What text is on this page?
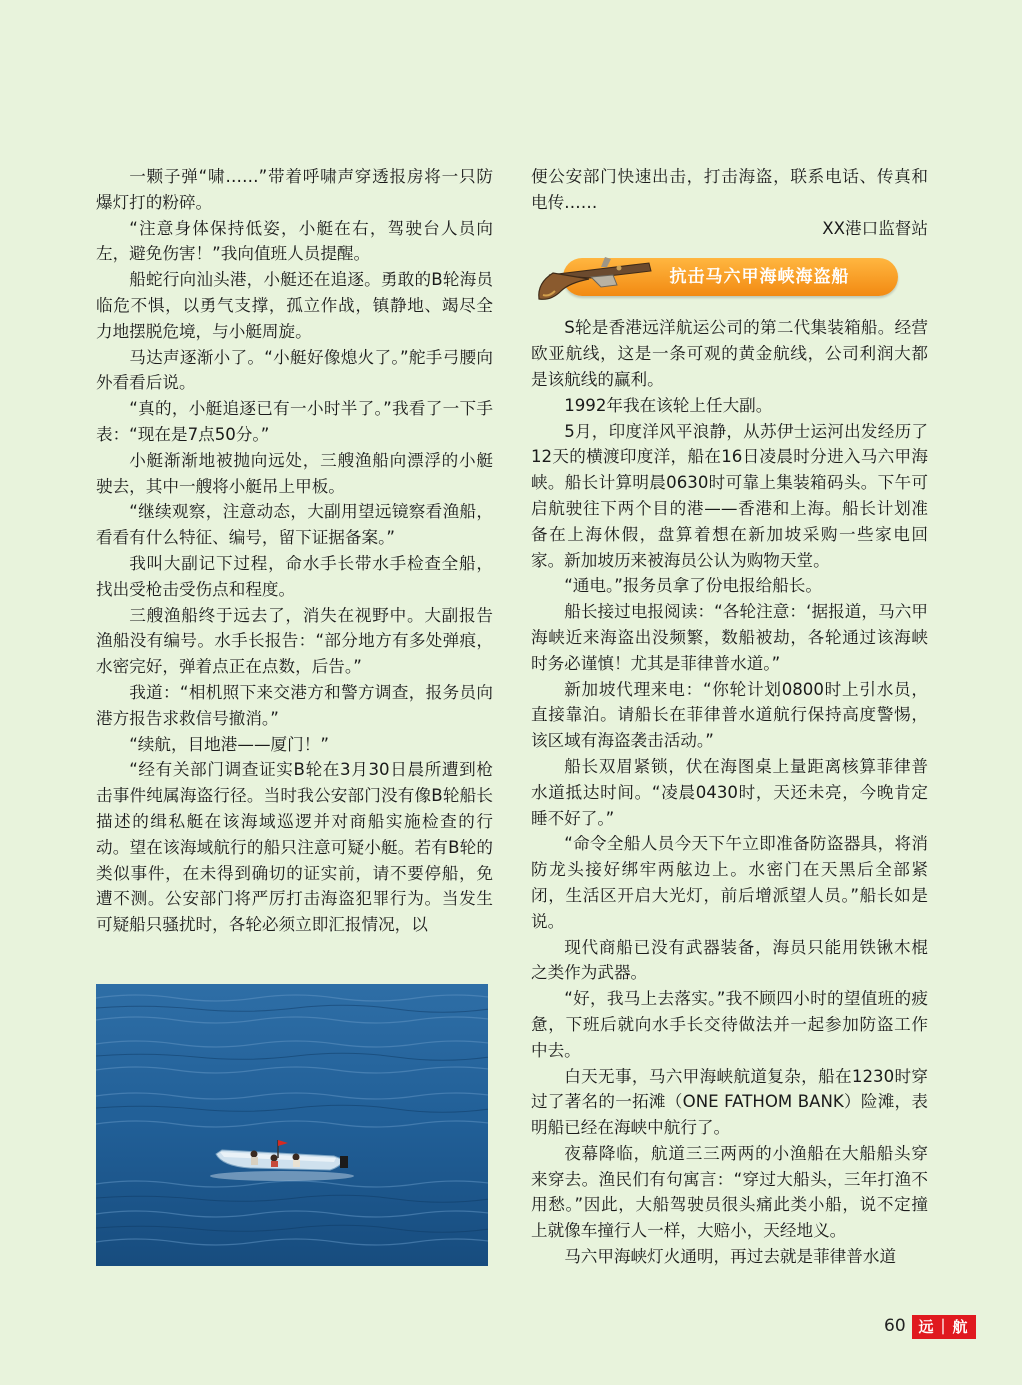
一颗子弹“啸……”带着呼啸声穿透报房将一只防爆灯打的粉碎。

“注意身体保持低姿，小艇在右，驾驶台人员向左，避免伤害！”我向值班人员提醒。

船蛇行向汕头港，小艇还在追逐。勇敢的B轮海员临危不惧，以勇气支撑，孤立作战，镇静地、竭尽全力地摆脱危境，与小艇周旋。

马达声逐渐小了。“小艇好像熄火了。”舵手弓腰向外看看后说。

“真的，小艇追逐已有一小时半了。”我看了一下手表：“现在是7点50分。”

小艇渐渐地被抛向远处，三艘渔船向漂浮的小艇驶去，其中一艘将小艇吊上甲板。

“继续观察，注意动态，大副用望远镜察看渔船，看看有什么特征、编号，留下证据备案。”

我叫大副记下过程，命水手长带水手检查全船，找出受枪击受伤点和程度。

三艘渔船终于远去了，消失在视野中。大副报告渔船没有编号。水手长报告：“部分地方有多处弹痕，水密完好，弹着点正在点数，后告。”

我道：“相机照下来交港方和警方调查，报务员向港方报告求救信号撤消。”

“续航，目地港——厦门！”

“经有关部门调查证实B轮在3月30日晨所遭到枪击事件纯属海盗行径。当时我公安部门没有像B轮船长描述的缉私艇在该海域巡逻并对商船实施检查的行动。望在该海域航行的船只注意可疑小艇。若有B轮的类似事件，在未得到确切的证实前，请不要停船，免遭不测。公安部门将严厉打击海盗犯罪行为。当发生可疑船只骚扰时，各轮必须立即汇报情况，以

便公安部门快速出击，打击海盗，联系电话、传真和电传……

XX港口监督站

抗击马六甲海峡海盗船

S轮是香港远洋航运公司的第二代集装箱船。经营欧亚航线，这是一条可观的黄金航线，公司利润大都是该航线的赢利。

1992年我在该轮上任大副。

5月，印度洋风平浪静，从苏伊士运河出发经历了12天的横渡印度洋，船在16日凌晨时分进入马六甲海峡。船长计算明晨0630时可靠上集装箱码头。下午可启航驶往下两个目的港——香港和上海。船长计划准备在上海休假，盘算着想在新加坡采购一些家电回家。新加坡历来被海员公认为购物天堂。

“通电。”报务员拿了份电报给船长。

船长接过电报阅读：“各轮注意：‘据报道，马六甲海峡近来海盗出没频繁，数船被劫，各轮通过该海峡时务必谨慎！尤其是菲律普水道。”

新加坡代理来电：“你轮计划0800时上引水员，直接靠泊。请船长在菲律普水道航行保持高度警惕，该区域有海盗袭击活动。”

船长双眉紧锁，伏在海图桌上量距离核算菲律普水道抵达时间。“凌晨0430时，天还未亮，今晚肯定睡不好了。”

“命令全船人员今天下午立即准备防盗器具，将消防龙头接好绑牢两舷边上。水密门在天黑后全部紧闭，生活区开启大光灯，前后增派望人员。”船长如是说。

现代商船已没有武器装备，海员只能用铁锹木棍之类作为武器。

“好，我马上去落实。”我不顾四小时的望值班的疲惫，下班后就向水手长交待做法并一起参加防盗工作中去。

白天无事，马六甲海峡航道复杂，船在1230时穿过了著名的一拓滩（ONE FATHOM BANK）险滩，表明船已经在海峡中航行了。

夜幕降临，航道三三两两的小渔船在大船船头穿来穿去。渔民们有句寓言：“穿过大船头，三年打渔不用愁。”因此，大船驾驶员很头痛此类小船，说不定撞上就像车撞行人一样，大赔小，天经地义。

马六甲海峡灯火通明，再过去就是菲律普水道

60 远｜航
